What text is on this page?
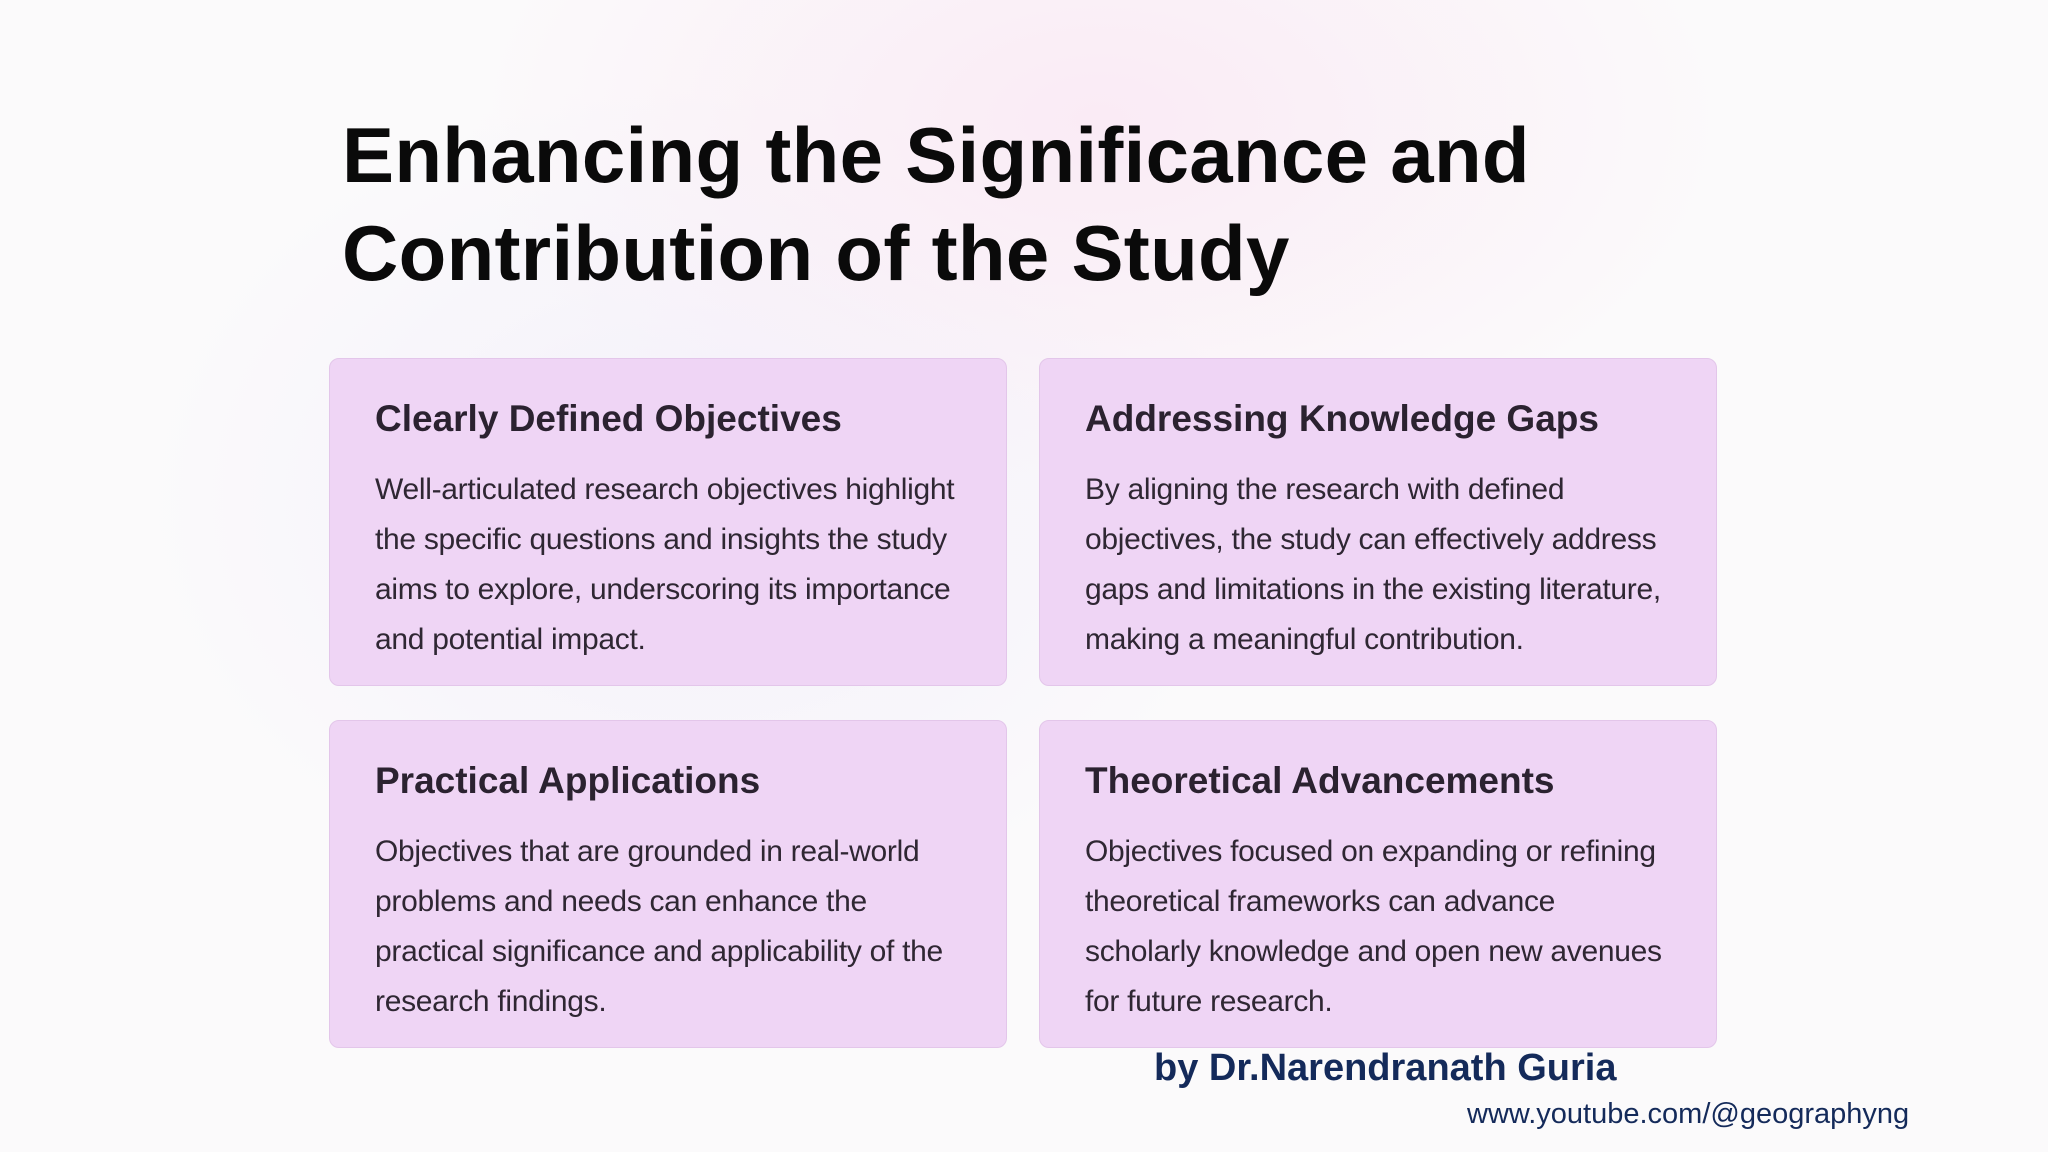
Enhancing the Significance and
Contribution of the Study
Clearly Defined Objectives

Well-articulated research objectives highlight the specific questions and insights the study aims to explore, underscoring its importance and potential impact.

Addressing Knowledge Gaps

By aligning the research with defined objectives, the study can effectively address gaps and limitations in the existing literature, making a meaningful contribution.

Practical Applications

Objectives that are grounded in real-world problems and needs can enhance the practical significance and applicability of the research findings.

Theoretical Advancements

Objectives focused on expanding or refining theoretical frameworks can advance scholarly knowledge and open new avenues for future research.

by Dr.Narendranath Guria

www.youtube.com/@geographyng
